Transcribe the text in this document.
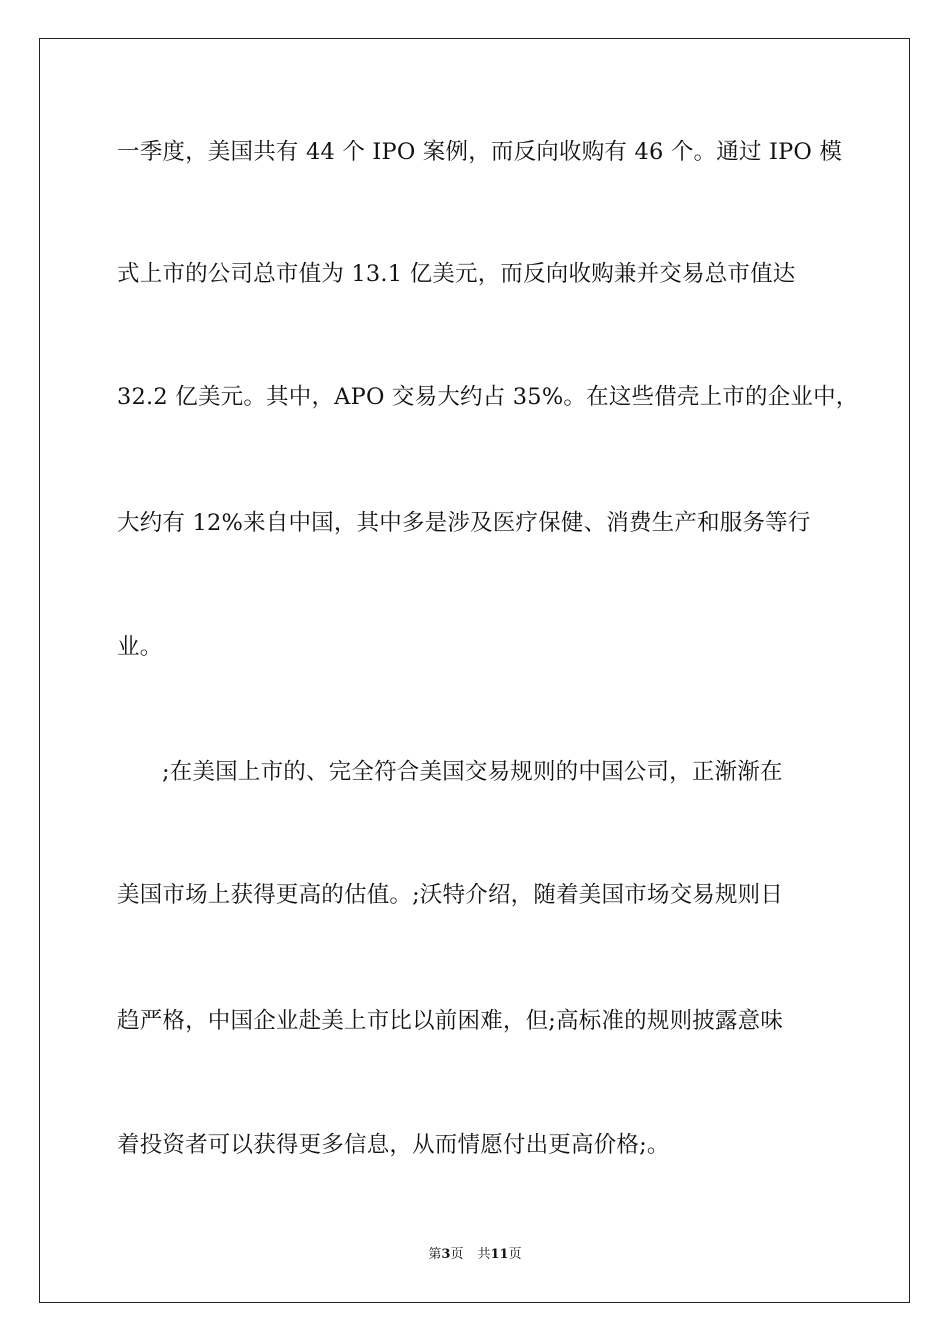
一季度，美国共有 44 个 IPO 案例，而反向收购有 46 个。通过 IPO 模
式上市的公司总市值为 13.1 亿美元，而反向收购兼并交易总市值达
32.2 亿美元。其中，APO 交易大约占 35%。在这些借壳上市的企业中，
大约有 12%来自中国，其中多是涉及医疗保健、消费生产和服务等行
业。
;在美国上市的、完全符合美国交易规则的中国公司，正渐渐在
美国市场上获得更高的估值。;沃特介绍，随着美国市场交易规则日
趋严格，中国企业赴美上市比以前困难，但;高标准的规则披露意味
着投资者可以获得更多信息，从而情愿付出更高价格;。
第3页 共11页
